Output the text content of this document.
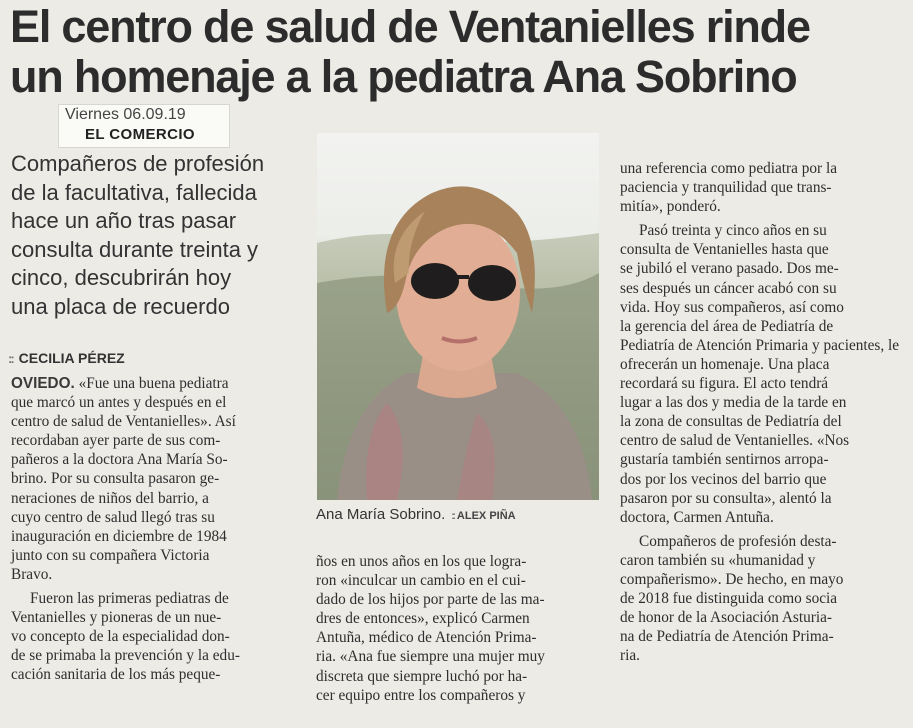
El centro de salud de Ventanielles rinde
un homenaje a la pediatra Ana Sobrino
Viernes 06.09.19
EL COMERCIO
Compañeros de profesión
de la facultativa, fallecida
hace un año tras pasar
consulta durante treinta y
cinco, descubrirán hoy
una placa de recuerdo
:: CECILIA PÉREZ
OVIEDO. «Fue una buena pediatra
que marcó un antes y después en el
centro de salud de Ventanielles». Así
recordaban ayer parte de sus com-
pañeros a la doctora Ana María So-
brino. Por su consulta pasaron ge-
neraciones de niños del barrio, a
cuyo centro de salud llegó tras su
inauguración en diciembre de 1984
junto con su compañera Victoria
Bravo.
Fueron las primeras pediatras de
Ventanielles y pioneras de un nue-
vo concepto de la especialidad don-
de se primaba la prevención y la edu-
cación sanitaria de los más peque-
Ana María Sobrino. :: ALEX PIÑA
ños en unos años en los que logra-
ron «inculcar un cambio en el cui-
dado de los hijos por parte de las ma-
dres de entonces», explicó Carmen
Antuña, médico de Atención Prima-
ria. «Ana fue siempre una mujer muy
discreta que siempre luchó por ha-
cer equipo entre los compañeros y
una referencia como pediatra por la
paciencia y tranquilidad que trans-
mitía», ponderó.
Pasó treinta y cinco años en su
consulta de Ventanielles hasta que
se jubiló el verano pasado. Dos me-
ses después un cáncer acabó con su
vida. Hoy sus compañeros, así como
la gerencia del área de Pediatría de
Pediatría de Atención Primaria y pacientes, le
ofrecerán un homenaje. Una placa
recordará su figura. El acto tendrá
lugar a las dos y media de la tarde en
la zona de consultas de Pediatría del
centro de salud de Ventanielles. «Nos
gustaría también sentirnos arropa-
dos por los vecinos del barrio que
pasaron por su consulta», alentó la
doctora, Carmen Antuña.
Compañeros de profesión desta-
caron también su «humanidad y
compañerismo». De hecho, en mayo
de 2018 fue distinguida como socia
de honor de la Asociación Asturia-
na de Pediatría de Atención Prima-
ria.
